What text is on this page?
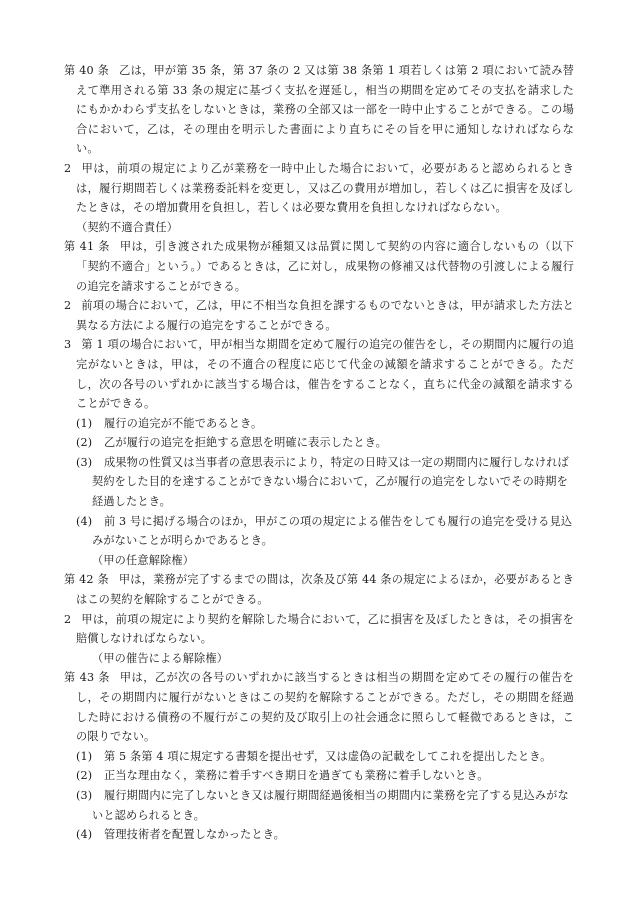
第 40 条 乙は，甲が第 35 条，第 37 条の 2 又は第 38 条第 1 項若しくは第 2 項において読み替えて準用される第 33 条の規定に基づく支払を遅延し，相当の期間を定めてその支払を請求したにもかかわらず支払をしないときは，業務の全部又は一部を一時中止することができる。この場合において，乙は，その理由を明示した書面により直ちにその旨を甲に通知しなければならない。

2 甲は，前項の規定により乙が業務を一時中止した場合において，必要があると認められるときは，履行期間若しくは業務委託料を変更し，又は乙の費用が増加し，若しくは乙に損害を及ぼしたときは，その増加費用を負担し，若しくは必要な費用を負担しなければならない。

（契約不適合責任）

第 41 条 甲は，引き渡された成果物が種類又は品質に関して契約の内容に適合しないもの（以下「契約不適合」という。）であるときは，乙に対し，成果物の修補又は代替物の引渡しによる履行の追完を請求することができる。

2 前項の場合において，乙は，甲に不相当な負担を課するものでないときは，甲が請求した方法と異なる方法による履行の追完をすることができる。

3 第 1 項の場合において，甲が相当な期間を定めて履行の追完の催告をし，その期間内に履行の追完がないときは，甲は，その不適合の程度に応じて代金の減額を請求することができる。ただし，次の各号のいずれかに該当する場合は，催告をすることなく，直ちに代金の減額を請求することができる。

(1) 履行の追完が不能であるとき。

(2) 乙が履行の追完を拒絶する意思を明確に表示したとき。

(3) 成果物の性質又は当事者の意思表示により，特定の日時又は一定の期間内に履行しなければ契約をした目的を達することができない場合において，乙が履行の追完をしないでその時期を経過したとき。

(4) 前 3 号に掲げる場合のほか，甲がこの項の規定による催告をしても履行の追完を受ける見込みがないことが明らかであるとき。

（甲の任意解除権）

第 42 条 甲は，業務が完了するまでの間は，次条及び第 44 条の規定によるほか，必要があるときはこの契約を解除することができる。

2 甲は，前項の規定により契約を解除した場合において，乙に損害を及ぼしたときは，その損害を賠償しなければならない。

（甲の催告による解除権）

第 43 条 甲は，乙が次の各号のいずれかに該当するときは相当の期間を定めてその履行の催告をし，その期間内に履行がないときはこの契約を解除することができる。ただし，その期間を経過した時における債務の不履行がこの契約及び取引上の社会通念に照らして軽微であるときは，この限りでない。

(1) 第 5 条第 4 項に規定する書類を提出せず，又は虚偽の記載をしてこれを提出したとき。

(2) 正当な理由なく，業務に着手すべき期日を過ぎても業務に着手しないとき。

(3) 履行期間内に完了しないとき又は履行期間経過後相当の期間内に業務を完了する見込みがないと認められるとき。

(4) 管理技術者を配置しなかったとき。
